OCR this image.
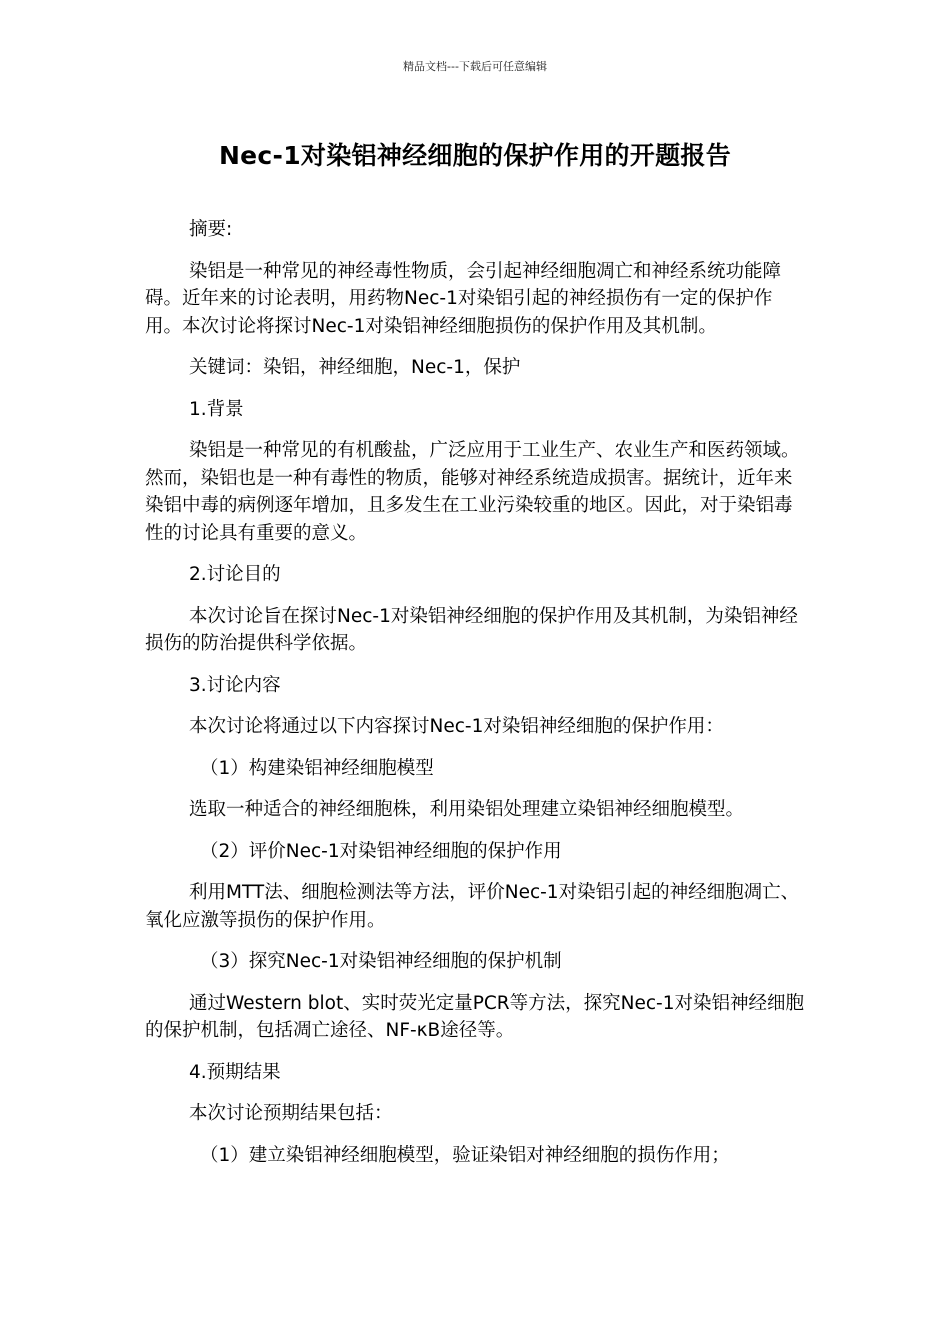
精品文档---下载后可任意编辑
Nec-1对染铝神经细胞的保护作用的开题报告

摘要:

染铝是一种常见的神经毒性物质，会引起神经细胞凋亡和神经系统功能障碍。近年来的讨论表明，用药物Nec-1对染铝引起的神经损伤有一定的保护作用。本次讨论将探讨Nec-1对染铝神经细胞损伤的保护作用及其机制。

关键词：染铝，神经细胞，Nec-1，保护

1.背景

染铝是一种常见的有机酸盐，广泛应用于工业生产、农业生产和医药领域。然而，染铝也是一种有毒性的物质，能够对神经系统造成损害。据统计，近年来染铝中毒的病例逐年增加，且多发生在工业污染较重的地区。因此，对于染铝毒性的讨论具有重要的意义。

2.讨论目的

本次讨论旨在探讨Nec-1对染铝神经细胞的保护作用及其机制，为染铝神经损伤的防治提供科学依据。

3.讨论内容

本次讨论将通过以下内容探讨Nec-1对染铝神经细胞的保护作用：

（1）构建染铝神经细胞模型

选取一种适合的神经细胞株，利用染铝处理建立染铝神经细胞模型。

（2）评价Nec-1对染铝神经细胞的保护作用

利用MTT法、细胞检测法等方法，评价Nec-1对染铝引起的神经细胞凋亡、氧化应激等损伤的保护作用。

（3）探究Nec-1对染铝神经细胞的保护机制

通过Western blot、实时荧光定量PCR等方法，探究Nec-1对染铝神经细胞的保护机制，包括凋亡途径、NF-κB途径等。

4.预期结果

本次讨论预期结果包括：

（1）建立染铝神经细胞模型，验证染铝对神经细胞的损伤作用；
